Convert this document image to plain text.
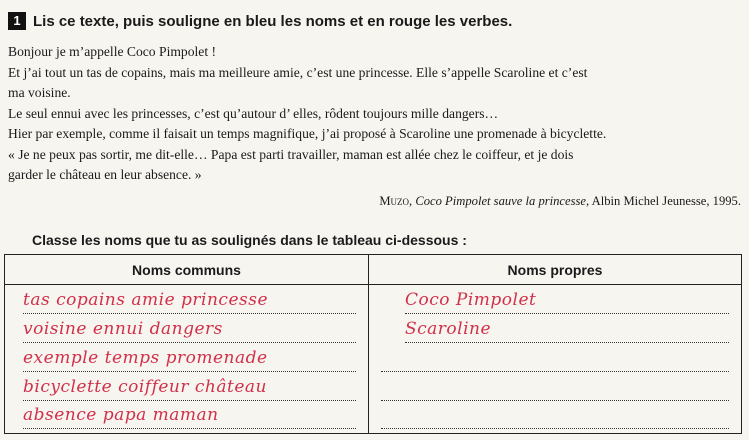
1 Lis ce texte, puis souligne en bleu les noms et en rouge les verbes.
Bonjour je m’appelle Coco Pimpolet !
Et j’ai tout un tas de copains, mais ma meilleure amie, c’est une princesse. Elle s’appelle Scaroline et c’est
ma voisine.
Le seul ennui avec les princesses, c’est qu’autour d’ elles, rôdent toujours mille dangers…
Hier par exemple, comme il faisait un temps magnifique, j’ai proposé à Scaroline une promenade à bicyclette.
« Je ne peux pas sortir, me dit-elle… Papa est parti travailler, maman est allée chez le coiffeur, et je dois
garder le château en leur absence. »
Muzo, Coco Pimpolet sauve la princesse, Albin Michel Jeunesse, 1995.
Classe les noms que tu as soulignés dans le tableau ci-dessous :
Noms communs	Noms propres
tas copains amie princesse
voisine ennui dangers
exemple temps promenade
bicyclette coiffeur château
absence papa maman
Coco Pimpolet
Scaroline
